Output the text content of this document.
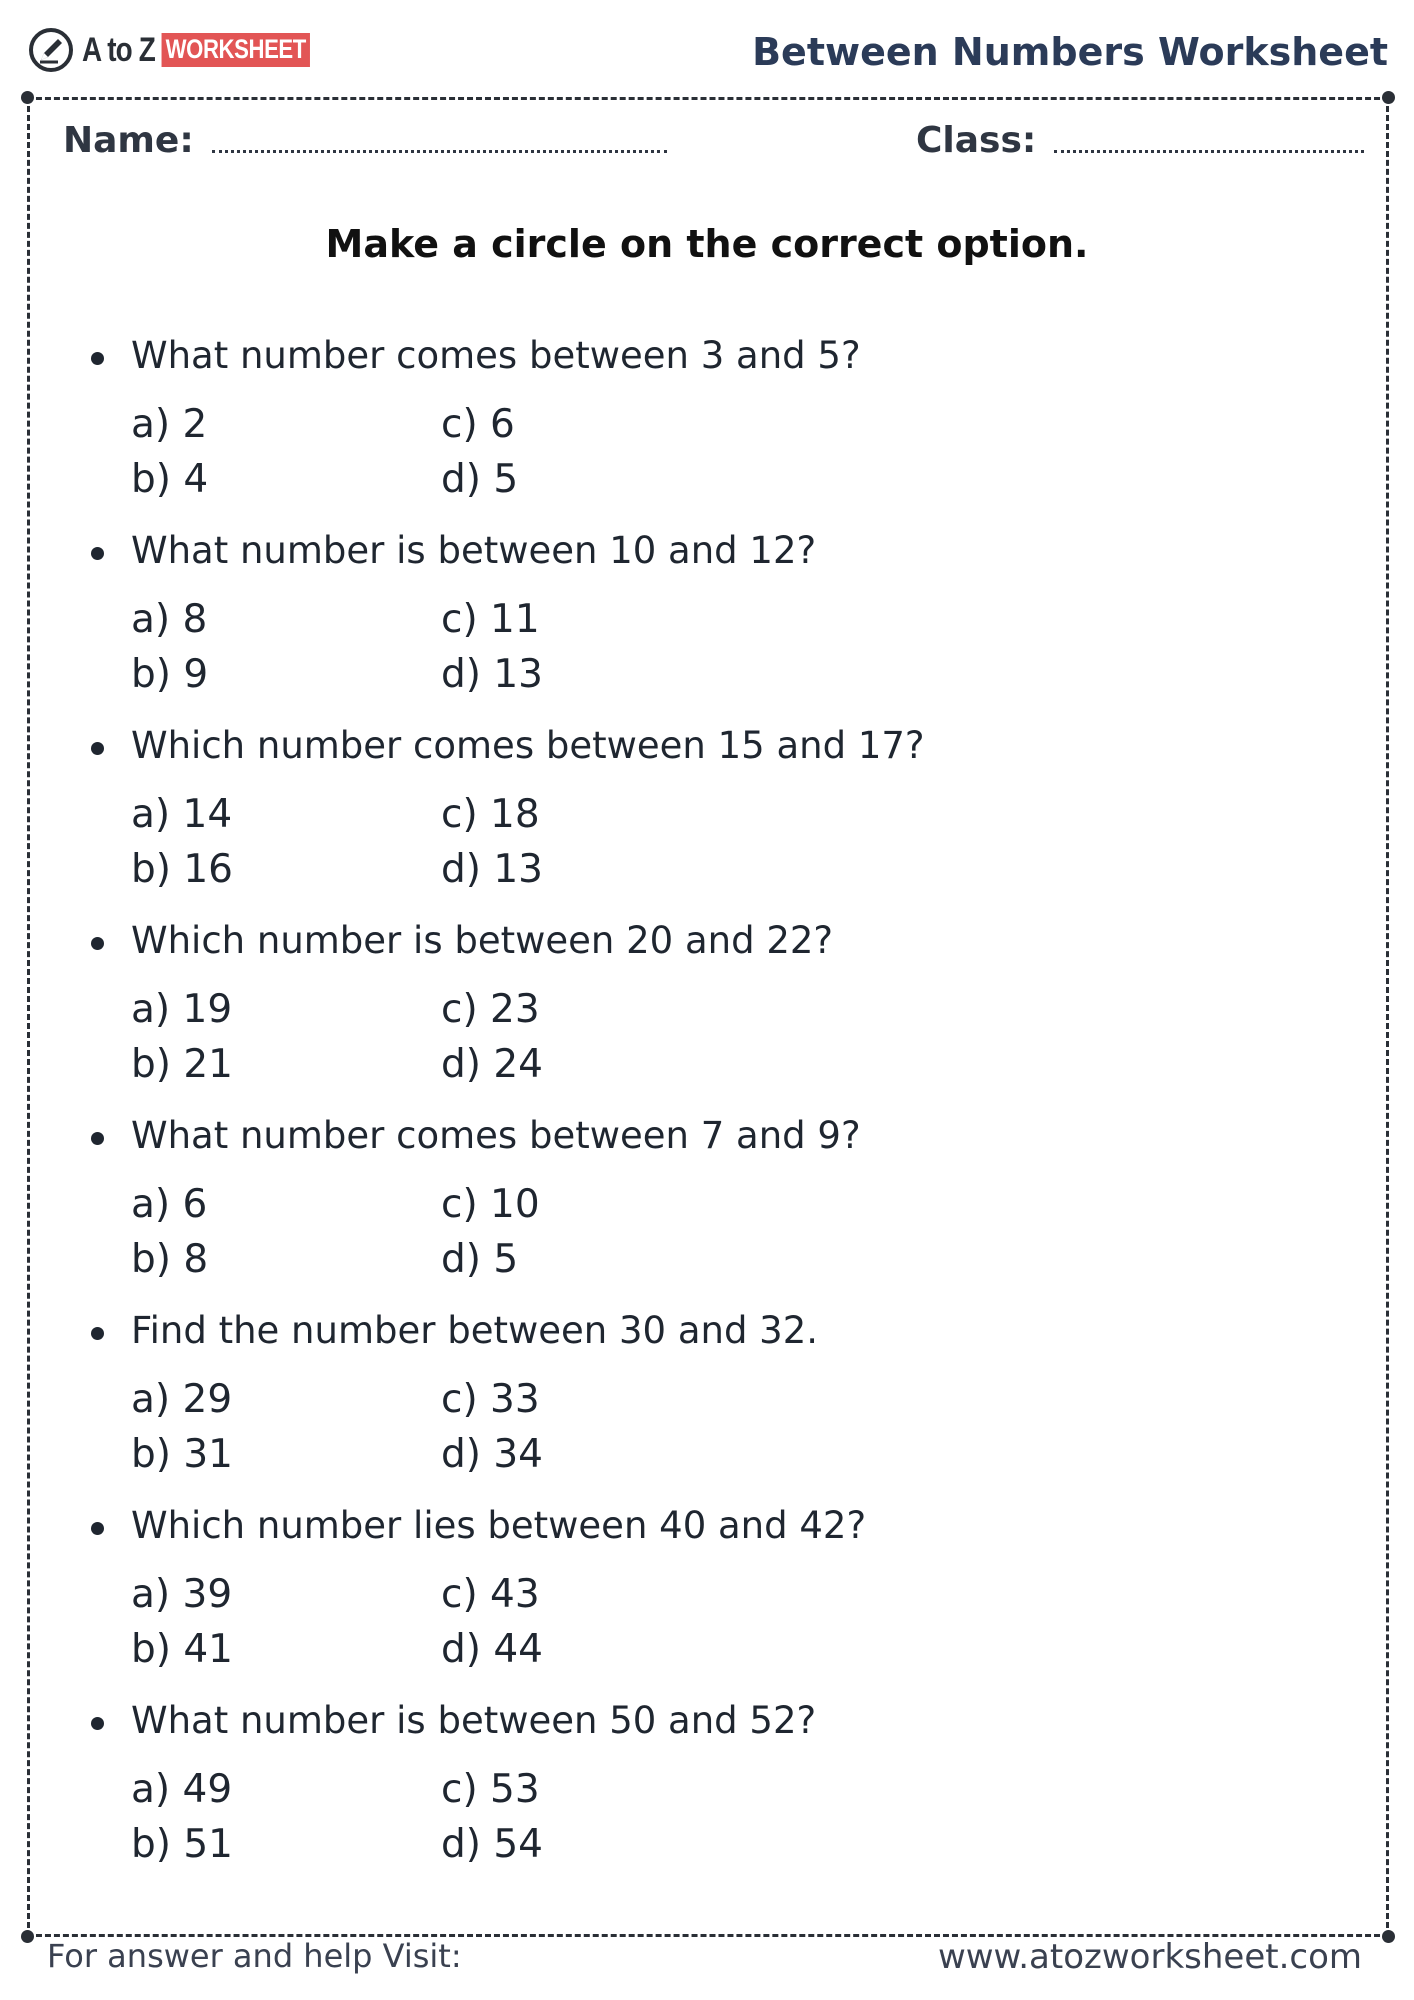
A to Z WORKSHEET	Between Numbers Worksheet
Name:	Class:
Make a circle on the correct option.
What number comes between 3 and 5?
a) 2
b) 4
c) 6
d) 5
What number is between 10 and 12?
a) 8
b) 9
c) 11
d) 13
Which number comes between 15 and 17?
a) 14
b) 16
c) 18
d) 13
Which number is between 20 and 22?
a) 19
b) 21
c) 23
d) 24
What number comes between 7 and 9?
a) 6
b) 8
c) 10
d) 5
Find the number between 30 and 32.
a) 29
b) 31
c) 33
d) 34
Which number lies between 40 and 42?
a) 39
b) 41
c) 43
d) 44
What number is between 50 and 52?
a) 49
b) 51
c) 53
d) 54
For answer and help Visit:	www.atozworksheet.com
